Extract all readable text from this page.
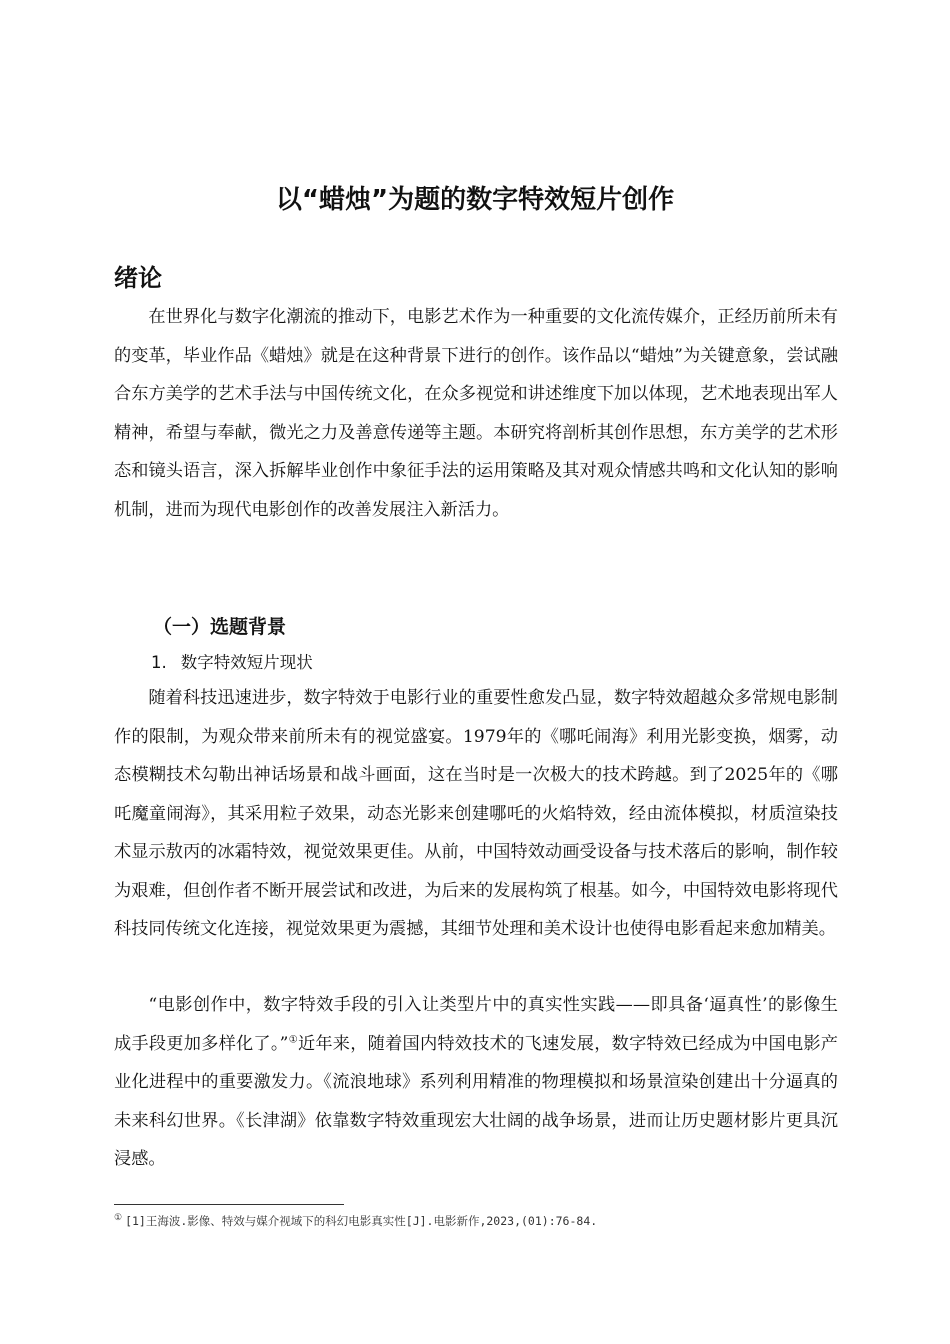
以“蜡烛”为题的数字特效短片创作
绪论

在世界化与数字化潮流的推动下，电影艺术作为一种重要的文化流传媒介，正经历前所未有的变革，毕业作品《蜡烛》就是在这种背景下进行的创作。该作品以“蜡烛”为关键意象，尝试融合东方美学的艺术手法与中国传统文化，在众多视觉和讲述维度下加以体现，艺术地表现出军人精神，希望与奉献，微光之力及善意传递等主题。本研究将剖析其创作思想，东方美学的艺术形态和镜头语言，深入拆解毕业创作中象征手法的运用策略及其对观众情感共鸣和文化认知的影响机制，进而为现代电影创作的改善发展注入新活力。

（一）选题背景
1. 数字特效短片现状

随着科技迅速进步，数字特效于电影行业的重要性愈发凸显，数字特效超越众多常规电影制作的限制，为观众带来前所未有的视觉盛宴。1979年的《哪吒闹海》利用光影变换，烟雾，动态模糊技术勾勒出神话场景和战斗画面，这在当时是一次极大的技术跨越。到了2025年的《哪吒魔童闹海》，其采用粒子效果，动态光影来创建哪吒的火焰特效，经由流体模拟，材质渲染技术显示敖丙的冰霜特效，视觉效果更佳。从前，中国特效动画受设备与技术落后的影响，制作较为艰难，但创作者不断开展尝试和改进，为后来的发展构筑了根基。如今，中国特效电影将现代科技同传统文化连接，视觉效果更为震撼，其细节处理和美术设计也使得电影看起来愈加精美。

“电影创作中，数字特效手段的引入让类型片中的真实性实践——即具备‘逼真性’的影像生成手段更加多样化了。”①近年来，随着国内特效技术的飞速发展，数字特效已经成为中国电影产业化进程中的重要激发力。《流浪地球》系列利用精准的物理模拟和场景渲染创建出十分逼真的未来科幻世界。《长津湖》依靠数字特效重现宏大壮阔的战争场景，进而让历史题材影片更具沉浸感。

① [1]王海波.影像、特效与媒介视域下的科幻电影真实性[J].电影新作,2023,(01):76-84.
